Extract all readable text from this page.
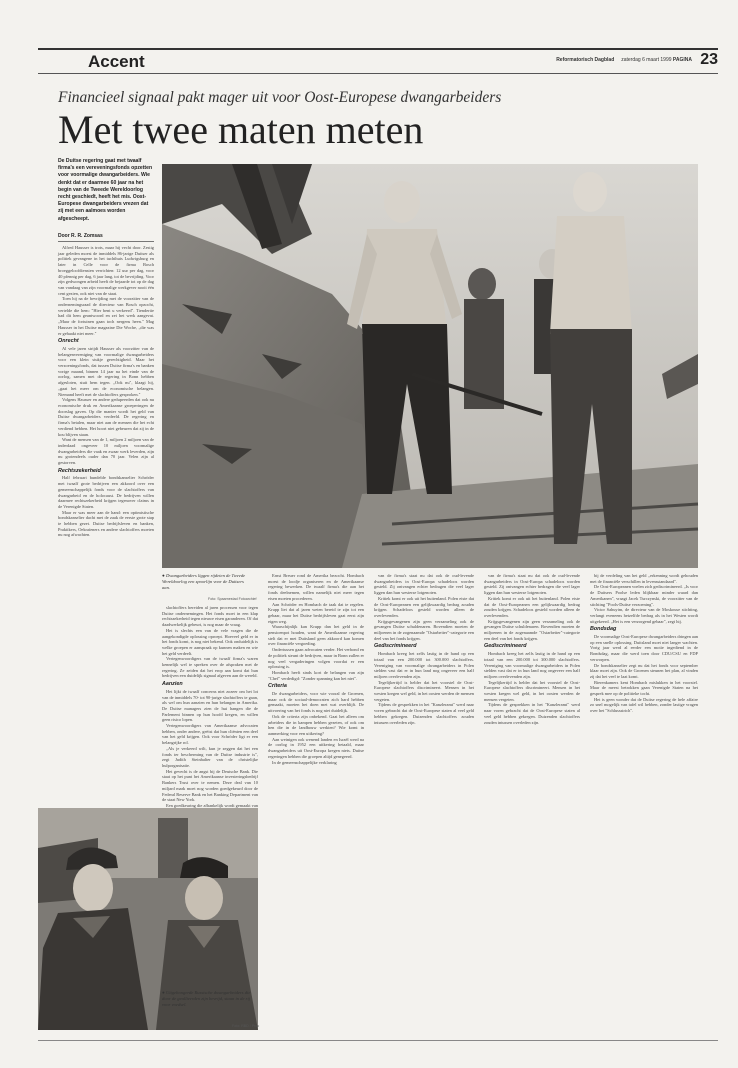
Accent	Reformatorisch Dagblad zaterdag 6 maart 1999 PAGINA 23
Financieel signaal pakt mager uit voor Oost-Europese dwangarbeiders
Met twee maten meten
De Duitse regering gaat met twaalf firma's een vereveningsfonds opzetten voor voormalige dwangarbeiders. Wie denkt dat er daarmee 60 jaar na het begin van de Tweede Wereldoorlog recht geschiedt, heeft het mis. Oost-Europese dwangarbeiders vrezen dat zij met een aalmoes worden afgescheept.
Door R. R. Zomsas
Alfred Hausser is trots, maar hij vecht door. Zestig jaar geleden moest de inmiddels 86-jarige Duitser als politiek gevangene in het tuchthuis Ludwigsburg en later in Celle voor de firma Bosch broeggeloofdiensten verrichten: 12 uur per dag, voor 40 pfennig per dag, 6 jaar lang, tot de bevrijding. Voor zijn gedwongen arbeid heeft de bejaarde tot op de dag van vandaag van zijn voormalige werkgever nooit één cent gezien, ook niet van de staat.
Toen hij na de bevrijding met de voorzitter van de ondernemingsraad de directeur van Bosch opzocht, vertelde die hem: "Hier bent u verkeerd". Tiendertie had dit hem geantwoord en zei het werk aangevat. „Maar de fortuinen gaan toch nergens heen." Mag Hausser in het Duitse magazine Die Woche, „die was er gehaakt niet meer."
Onrecht
Al vele jaren strijdt Hausser als voorzitter van de belangenvereniging van voormalige dwangarbeiders voor een klein stukje gerechtigheid. Maar het verzoeningsfonds, dat tussen Duitse firma's en banken vorige maand, binnen 14 jaar na het einde van de oorlog, samen met de regering in Bonn hebben afgesloten, stuit hem tegen. „Ook nu", klaagt hij, „gaat het meer om de economische belangen. Niemand heeft met de slachtoffers gesproken."
Volgens Hausser en andere gedupeerden dat ook nu economische druk en Amerikaanse groeperingen de doorslag gaven. Op die manier wordt het geld van Duitse dwangarbeiders verdeeld. De regering en firma's betalen, maar niet aan de mensen die het echt verdiend hebben. Het hoort niet gebeuren dat zij in de kou blijven staan.
Want de mensen van de 1, miljoen 2 miljoen van de inderdaad ongeveer 10 miljoen voormalige dwangarbeiders die vaak en zwaar werk leverden, zijn nu grotendeels ouder dan 70 jaar. Velen zijn al gestorven.
Rechtszekerheid
Half februari bundelde bondskanselier Schröder met twaalf grote bedrijven een akkoord over een gemeenschappelijk fonds voor de slachtoffers van dwangarbeid en de holocaust. De bedrijven willen daarmee rechtszekerheid krijgen tegenover claims in de Verenigde Staten.
Maar er was meer aan de hand: een optimistische bondskanselier dacht met de zaak de eerste grote stap te hebben gezet. Duitse bedrijfsleven en banken, Praktikers, Oekraïeners en andere slachtoffers moeten nu nog afwachten.
● Dwangarbeiders liggen rijdeten de Tweede Wereldoorlog een spoorlijn voor de Duitsers aan.
Foto: Spaarnestad Fotoarchief
slachtoffers bereiden al jaren processen voor tegen Duitse ondernemingen. Het fonds moet in een klap rechtszekerheid tegen nieuwe eisen garanderen. Of dat daadwerkelijk gebeurt, is nog maar de vraag.
Het is slechts een van de vele vragen die de aangekondigde oplossing oproept. Hoeveel geld er in het fonds komt, is nog niet bekend. Ook onduidelijk is welke groepen er aanspraak op kunnen maken en wie het geld verdeelt.
Vertegenwoordigers van de twaalf firma's waren kennelijk wel te spreken over de afspraken met de regering. Ze zeiden dat het erop aan komt dat hun bedrijven een duidelijk signaal afgeven aan de wereld.
Aanzien
Het lijkt de twaalf concerns niet zozeer om het lot van de inmiddels 70- tot 90-jarige slachtoffers te gaan, als wel om hun aanzien en hun belangen in Amerika. De Duitse managers zien de hui hangen die de Parlement binnen op hun hoofd kregen, en willen geen risico lopen.
Vertegenwoordigers van Amerikaanse advocaten hebben, onder andere, geëist dat hun cliënten een deel van het geld krijgen. Ook voor Schröder ligt er een belangrijke rol.
„Als je verkeerd wilt, kun je zeggen dat het een fonds ter bescherming van de Duitse industrie is", zegt Judith Steinhalter van de christelijke hulporganisatie.
Het gevecht is de angst bij de Deutsche Bank. Die staat op het punt het Amerikaanse investeringsbedrijf Bankers Trust over te nemen. Deze deal van 10 miljard mark moet nog worden goedgekeurd door de Federal Reserve Bank en het Banking Department van de staat New York.
Een goedkeuring die afhankelijk wordt gemaakt van
Ernst Breuer rond de Amerika bezocht. Hombach moest de loodje organiseren en de Amerikaanse regering bewerken. De twaalf firma's die aan het fonds deelnemen, willen namelijk niet meer tegen eisen moeten procederen.
Aan Schröder en Hombach de taak dat te regelen. Krupp liet dat al jaren weten bereid te zijn tot een gebaar, maar het Duitse bedrijfsleven gaat eerst zijn eigen weg.
Waarschijnlijk kan Krupp dan het geld in de pensioenpot houden, want de Amerikaanse regering stelt dat er met Duitsland geen akkoord kan komen over financiële vergoeding.
Ondertussen gaan advocaten verder. Het verbond en de politiek steunt de bedrijven, maar in Bonn zullen er nog veel vergaderingen volgen voordat er een oplossing is.
Hombach heeft sinds kort de belangen van zijn "Chef" verdedigd: "Zonder spanning kan het niet".
Criteria
De dwangarbeiders, voor wie vooral de Groenen, maar ook de sociaal-democraten zich hard hebben gemaakt, moeten het doen met wat overblijft. De uitvoering van het fonds is nog niet duidelijk.
Ook de criteria zijn onbekend. Gaat het alleen om arbeiders die in kampen hebben gezeten, of ook om hen die in de landbouw werkten? Wie komt in aanmerking voor een uitkering?
Aan weinigen ook wenend landen en Israël werd na de oorlog in 1952 een uitkering betaald, maar dwangarbeiders uit Oost-Europa kregen niets. Duitse regeringen hebben die groepen altijd genegeerd.
In de gemeenschappelijke verklaring
van de firma's staat nu dat ook de oud-levende dwangarbeiders in Oost-Europa schadeloos worden gesteld. Zij ontvangen echter bedragen die veel lager liggen dan hun westerse lotgenoten.
Kritiek komt er ook uit het buitenland. Polen eiste dat de Oost-Europeanen een gelijkwaardig bedrag zouden krijgen. Schadeloos gesteld worden alleen de overlevenden.
Krijgsgevangenen zijn geen verzameling ook de gevangen Duitse schuldenaren. Bovendien moeten de miljoenen in de zogenaamde "Ostarbeiter"-categorie een deel van het fonds krijgen.
Gediscrimineerd
Hombach kreeg het zelfs lastig in de hand op een totaal van een 200.000 tot 300.000 slachtoffers. Vereniging van voormalige dwangarbeiders in Polen stelden vast dat er in hun land nog ongeveer een half miljoen overlevenden zijn.
Tegelijkertijd is helder dat het voorstel de Oost-Europese slachtoffers discrimineert. Mensen in het westen kregen wel geld, in het oosten werden de mensen vergeten.
Tijdens de gesprekken in het "Kanzleramt" werd naar voren gebracht dat de Oost-Europese staten al veel geld hebben gekregen. Duizenden slachtoffers zouden intussen overleden zijn.
van de firma's staat nu dat ook de oud-levende dwangarbeiders in Oost-Europa schadeloos worden gesteld. Zij ontvangen echter bedragen die veel lager liggen dan hun westerse lotgenoten.
Kritiek komt er ook uit het buitenland. Polen eiste dat de Oost-Europeanen een gelijkwaardig bedrag zouden krijgen. Schadeloos gesteld worden alleen de overlevenden.
Krijgsgevangenen zijn geen verzameling ook de gevangen Duitse schuldenaren. Bovendien moeten de miljoenen in de zogenaamde "Ostarbeiter"-categorie een deel van het fonds krijgen.
Gediscrimineerd
Hombach kreeg het zelfs lastig in de hand op een totaal van een 200.000 tot 300.000 slachtoffers. Vereniging van voormalige dwangarbeiders in Polen stelden vast dat er in hun land nog ongeveer een half miljoen overlevenden zijn.
Tegelijkertijd is helder dat het voorstel de Oost-Europese slachtoffers discrimineert. Mensen in het westen kregen wel geld, in het oosten werden de mensen vergeten.
Tijdens de gesprekken in het "Kanzleramt" werd naar voren gebracht dat de Oost-Europese staten al veel geld hebben gekregen. Duizenden slachtoffers zouden intussen overleden zijn.
bij de verdeling van het geld „erkenning wordt gehouden met de financiële verschillen in levensstandaard".
De Oost-Europeanen voelen zich gediscrimineerd. „Is voor de Duitsers Poolse leden blijkbaar minder waard dan Amerikanen", vraagt Jacek Turczynski, de voorzitter van de stichting "Pools-Duitse verzoening".
Victor Sahuyim, de directeur van de Moskouse stichting, verlangt eveneens hetzelfde bedrag als in het Westen wordt uitgekeerd. „Het is een verzorgend gebaar", zegt hij.
Bondsdag
De voormalige Oost-Europese dwangarbeiders dringen aan op een snelle oplossing. Duitsland moet niet langer wachten. Vorig jaar werd al eerder een motie ingediend in de Bondsdag, maar die werd toen door CDU/CSU en FDP verworpen.
De bondskanselier zegt nu dat het fonds voor september klaar moet zijn. Ook de Groenen steunen het plan, al vinden zij dat het veel te laat komt.
Bierenkamers kent Hombach mislukken in het voorstel. Maar de meest betrokken gaan Verenigde Staten na het gesprek mee op de politieke tocht.
Het is geen wonder dat de Duitse regering de hele affaire zo snel mogelijk van tafel wil hebben, zonder lastige vragen over het "Schlussstrich".
● Uitgehongerde Russische dwangarbeiders die door de geallieerden zijn bevrijd, staan in de rij voor voedsel.
Foto: RBD / Proc
